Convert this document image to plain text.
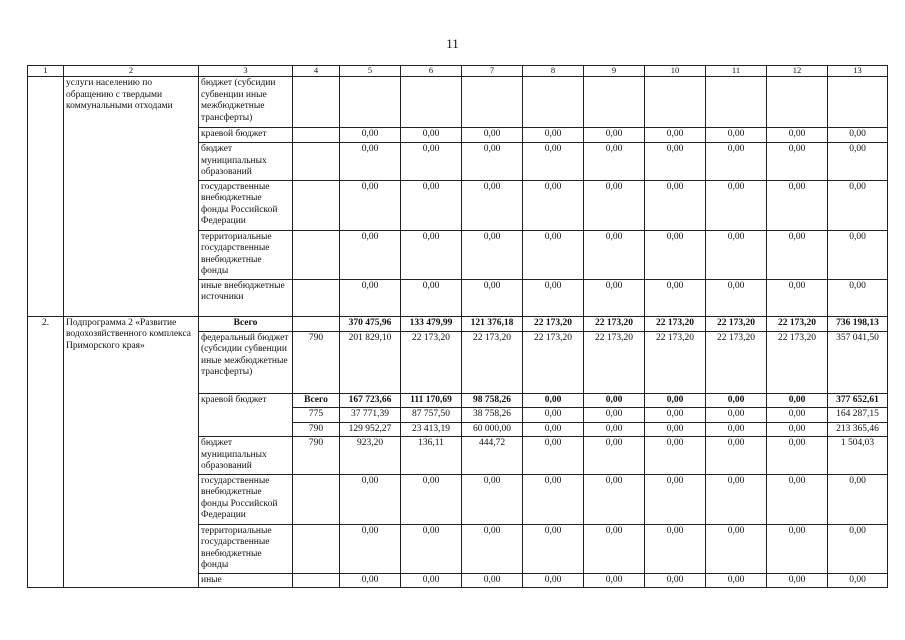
11
1	2	3	4	5	6	7	8	9	10	11	12	13
	услуги населению по обращению с твердыми коммунальными отходами	бюджет (субсидии субвенции иные межбюджетные трансферты)										
		краевой бюджет		0,00	0,00	0,00	0,00	0,00	0,00	0,00	0,00	0,00
		бюджет муниципальных образований		0,00	0,00	0,00	0,00	0,00	0,00	0,00	0,00	0,00
		государственные внебюджетные фонды Российской Федерации		0,00	0,00	0,00	0,00	0,00	0,00	0,00	0,00	0,00
		территориальные государственные внебюджетные фонды		0,00	0,00	0,00	0,00	0,00	0,00	0,00	0,00	0,00
		иные внебюджетные источники		0,00	0,00	0,00	0,00	0,00	0,00	0,00	0,00	0,00
2.	Подпрограмма 2 «Развитие водохозяйственного комплекса Приморского края»	Всего		370 475,96	133 479,99	121 376,18	22 173,20	22 173,20	22 173,20	22 173,20	22 173,20	736 198,13
		федеральный бюджет (субсидии субвенции иные межбюджетные трансферты)	790	201 829,10	22 173,20	22 173,20	22 173,20	22 173,20	22 173,20	22 173,20	22 173,20	357 041,50
		краевой бюджет	Всего	167 723,66	111 170,69	98 758,26	0,00	0,00	0,00	0,00	0,00	377 652,61
			775	37 771,39	87 757,50	38 758,26	0,00	0,00	0,00	0,00	0,00	164 287,15
			790	129 952,27	23 413,19	60 000,00	0,00	0,00	0,00	0,00	0,00	213 365,46
		бюджет муниципальных образований	790	923,20	136,11	444,72	0,00	0,00	0,00	0,00	0,00	1 504,03
		государственные внебюджетные фонды Российской Федерации		0,00	0,00	0,00	0,00	0,00	0,00	0,00	0,00	0,00
		территориальные государственные внебюджетные фонды		0,00	0,00	0,00	0,00	0,00	0,00	0,00	0,00	0,00
		иные		0,00	0,00	0,00	0,00	0,00	0,00	0,00	0,00	0,00
